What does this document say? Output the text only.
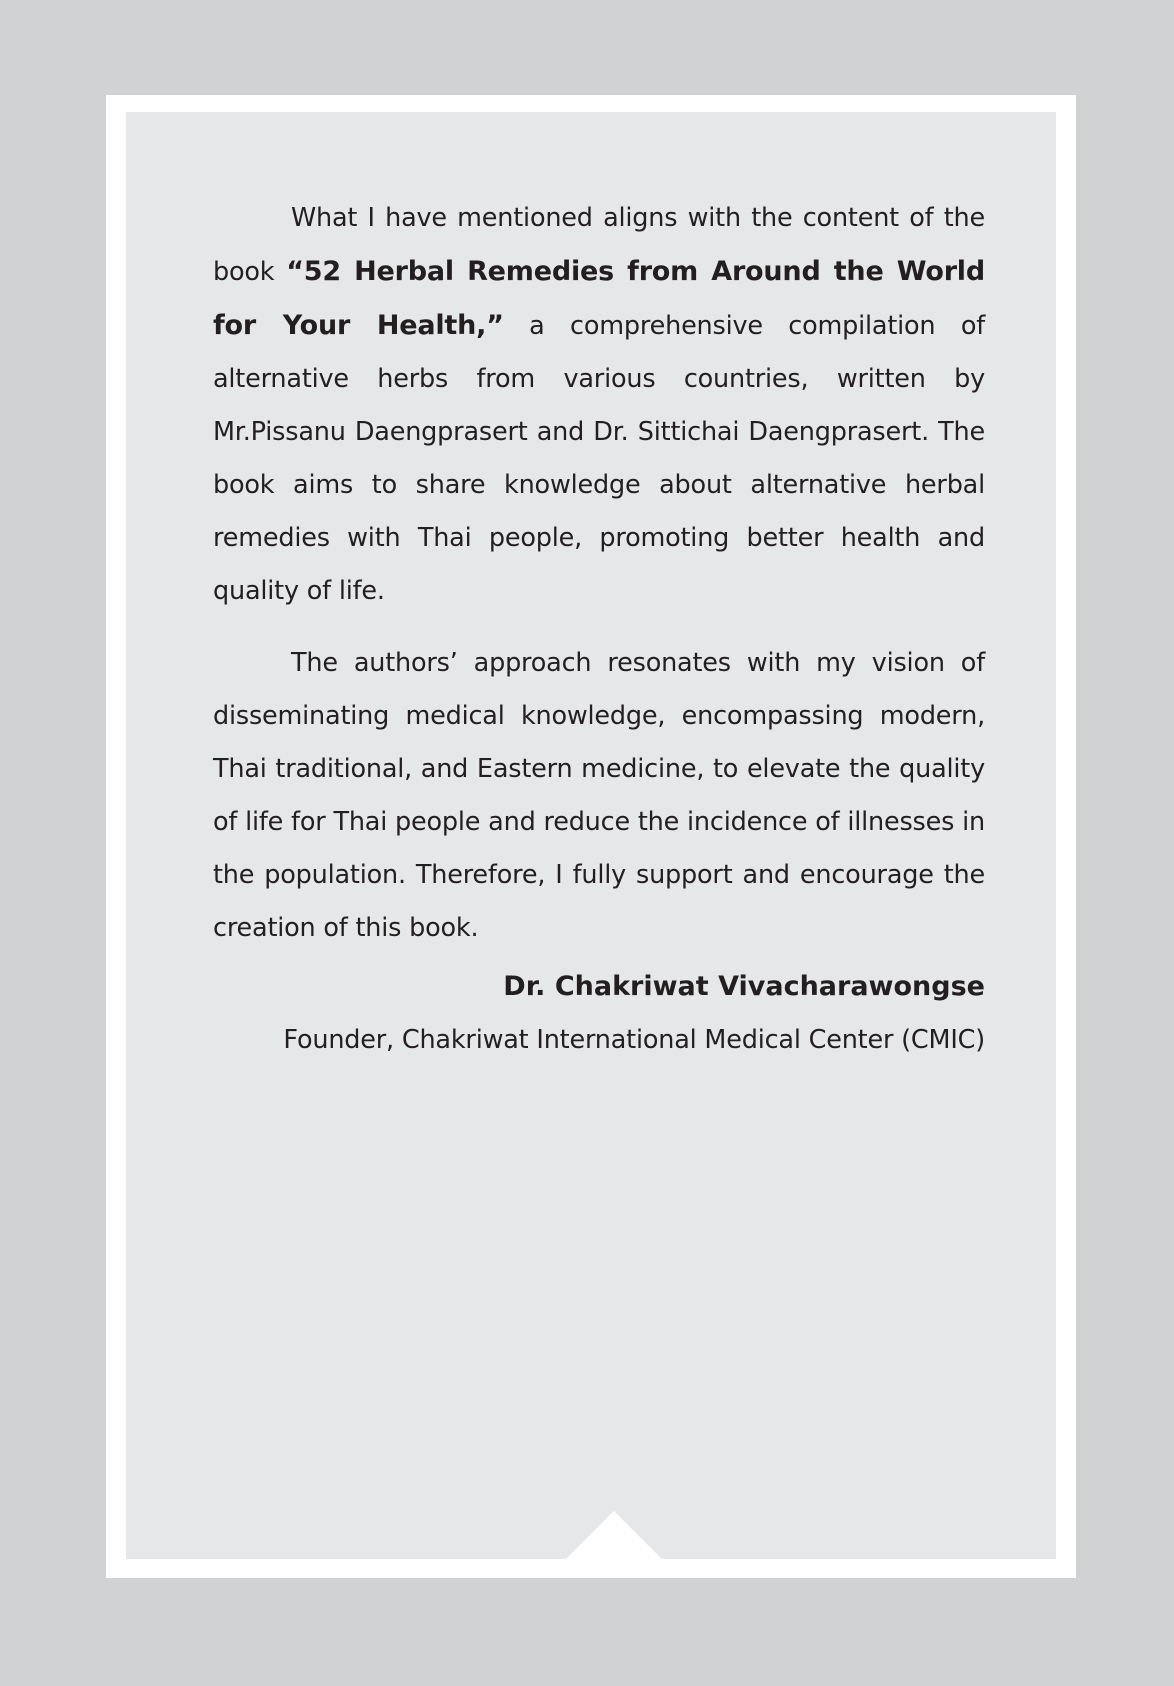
What I have mentioned aligns with the content of the book “52 Herbal Remedies from Around the World for Your Health,” a comprehensive compilation of alternative herbs from various countries, written by Mr.Pissanu Daengprasert and Dr. Sittichai Daengprasert. The book aims to share knowledge about alternative herbal remedies with Thai people, promoting better health and quality of life.

The authors’ approach resonates with my vision of disseminating medical knowledge, encompassing modern, Thai traditional, and Eastern medicine, to elevate the quality of life for Thai people and reduce the incidence of illnesses in the population. Therefore, I fully support and encourage the creation of this book.

Dr. Chakriwat Vivacharawongse
Founder, Chakriwat International Medical Center (CMIC)
